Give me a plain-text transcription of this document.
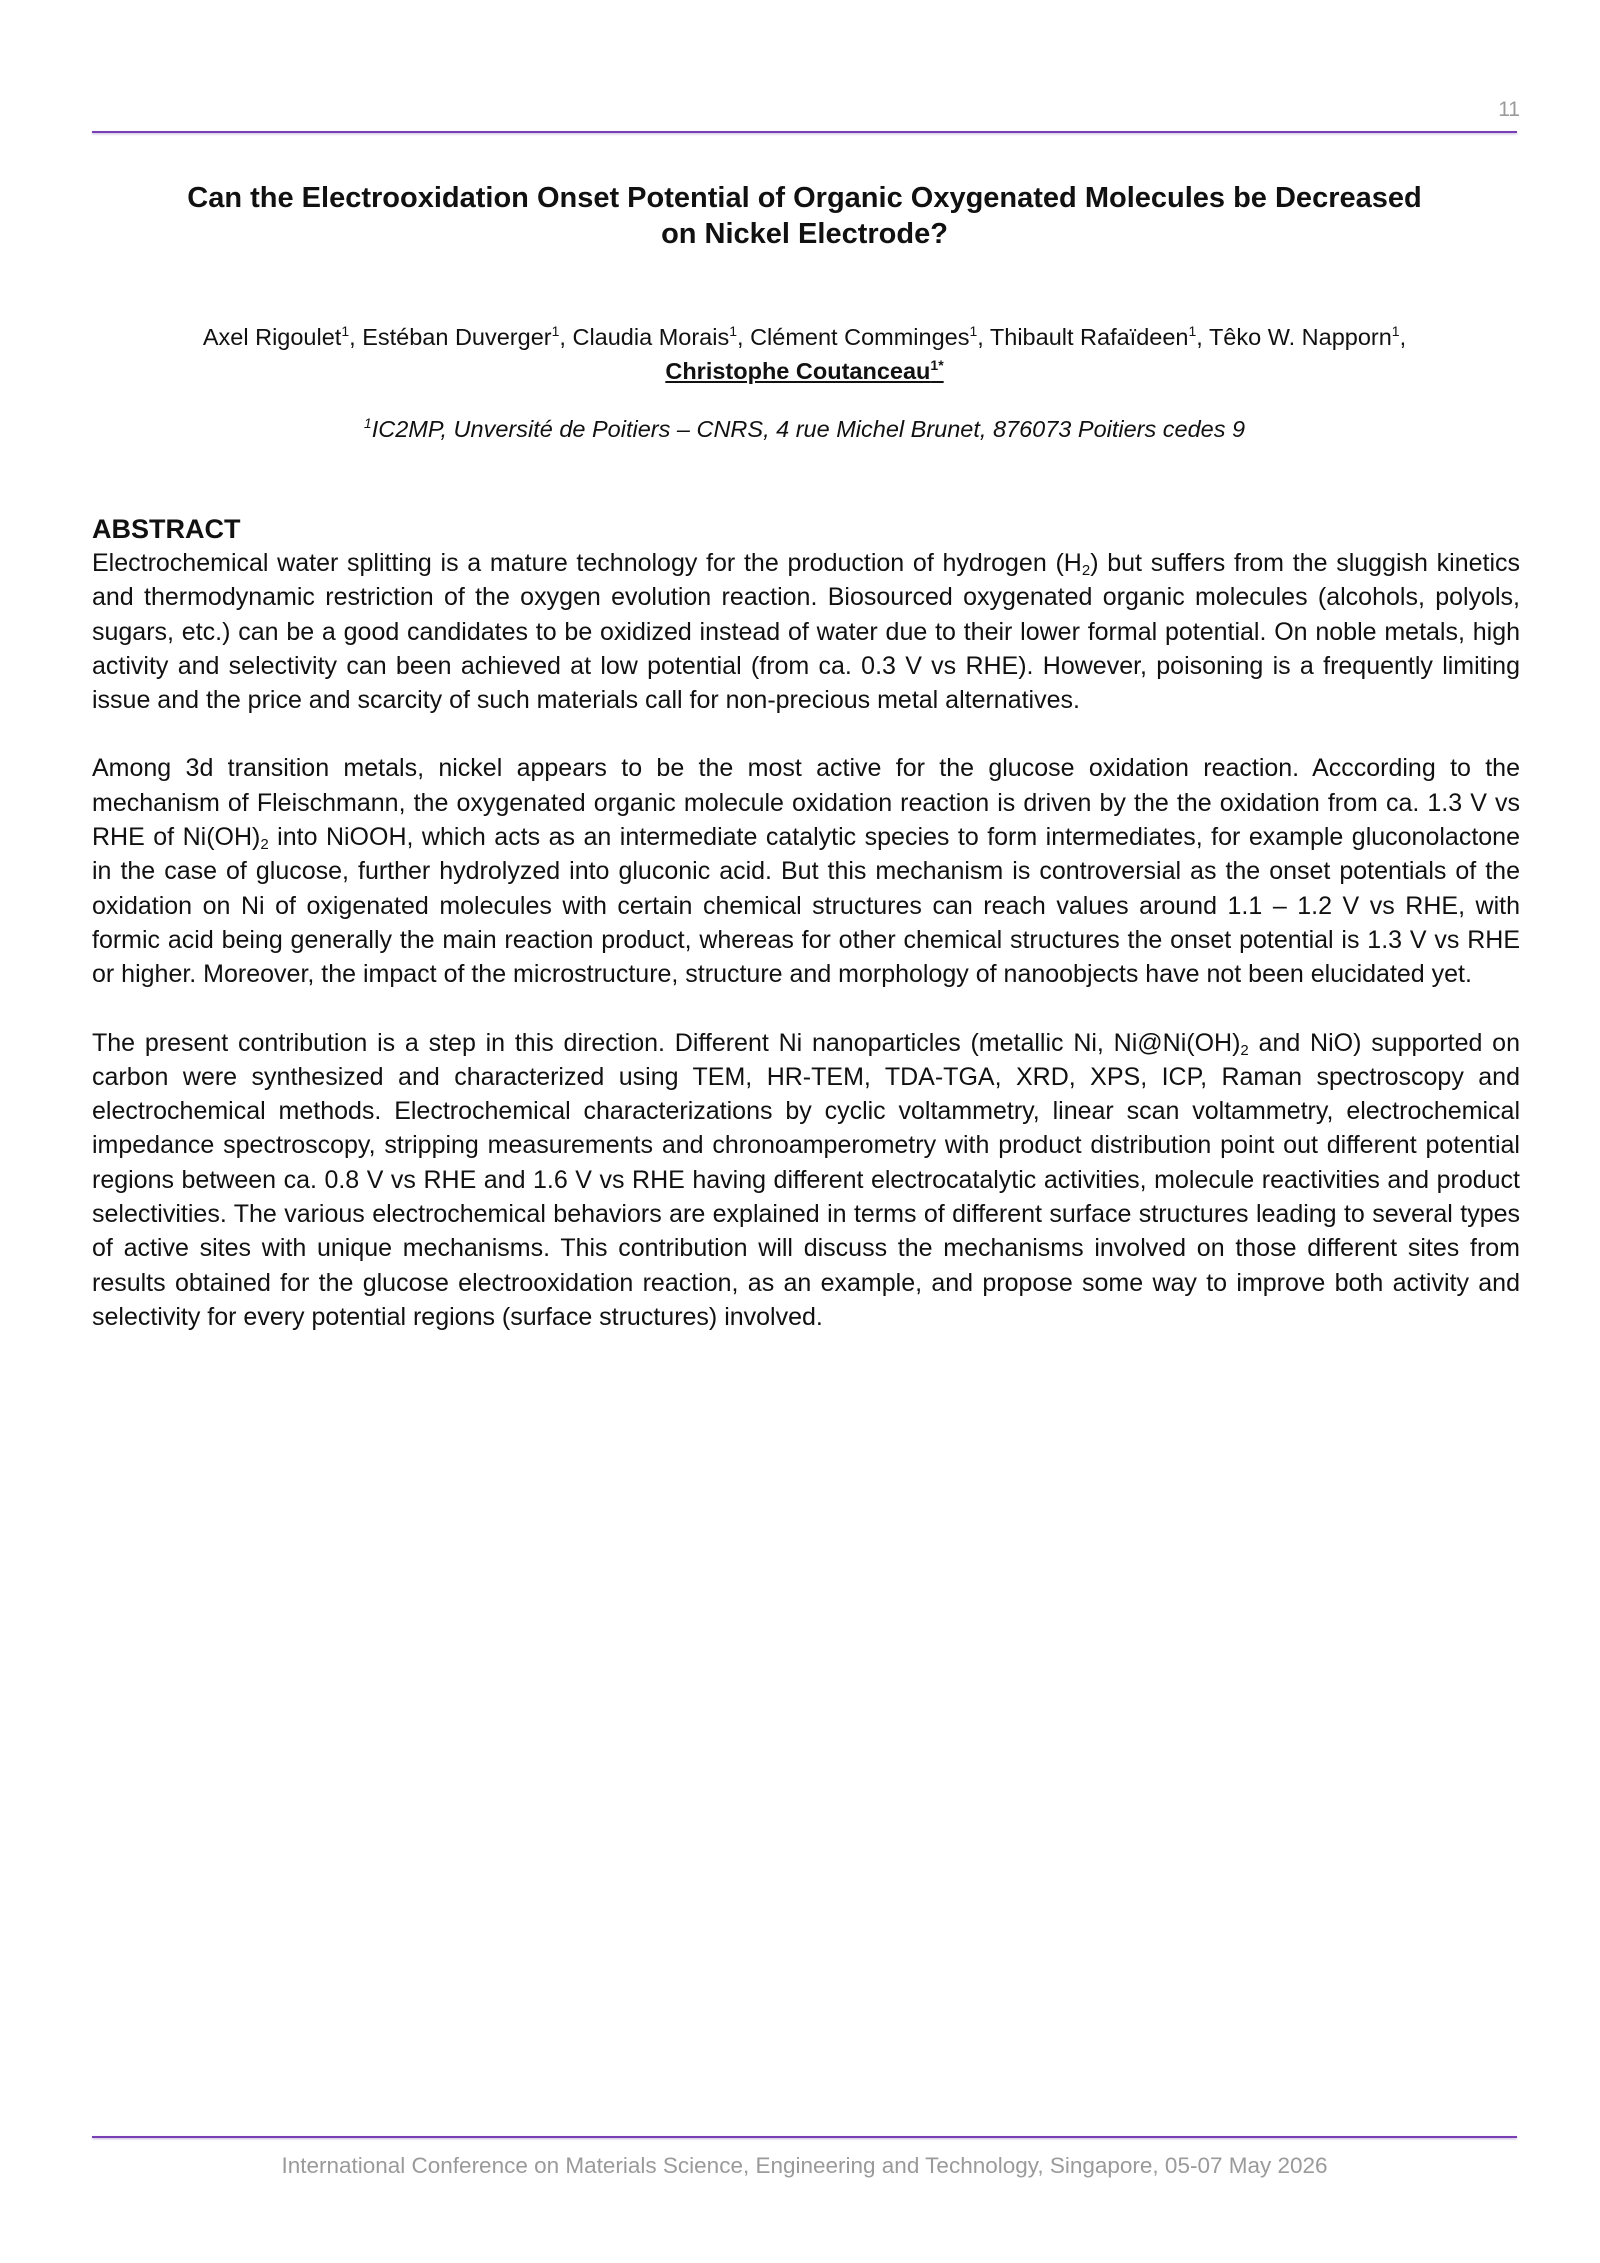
11
Can the Electrooxidation Onset Potential of Organic Oxygenated Molecules be Decreased
on Nickel Electrode?
Axel Rigoulet$^1$, Estéban Duverger$^1$, Claudia Morais$^1$, Clément Comminges$^1$, Thibault Rafaïdeen$^1$, Têko W. Napporn$^1$,
Christophe Coutanceau$^{1*}$
$^1$IC2MP, Unversité de Poitiers – CNRS, 4 rue Michel Brunet, 876073 Poitiers cedes 9
ABSTRACT

Electrochemical water splitting is a mature technology for the production of hydrogen $(H_2)$ but suffers from the sluggish kinetics and thermodynamic restriction of the oxygen evolution reaction. Biosourced oxygenated organic molecules (alcohols, polyols, sugars, etc.) can be a good candidates to be oxidized instead of water due to their lower formal potential. On noble metals, high activity and selectivity can been achieved at low potential (from ca. 0.3 V vs RHE). However, poisoning is a frequently limiting issue and the price and scarcity of such materials call for non-precious metal alternatives.

Among 3d transition metals, nickel appears to be the most active for the glucose oxidation reaction. Acccording to the mechanism of Fleischmann, the oxygenated organic molecule oxidation reaction is driven by the the oxidation from ca. 1.3 V vs RHE of $Ni(OH)_2$ into NiOOH, which acts as an intermediate catalytic species to form intermediates, for example gluconolactone in the case of glucose, further hydrolyzed into gluconic acid. But this mechanism is controversial as the onset potentials of the oxidation on Ni of oxigenated molecules with certain chemical structures can reach values around 1.1 – 1.2 V vs RHE, with formic acid being generally the main reaction product, whereas for other chemical structures the onset potential is 1.3 V vs RHE or higher. Moreover, the impact of the microstructure, structure and morphology of nanoobjects have not been elucidated yet.

The present contribution is a step in this direction. Different Ni nanoparticles (metallic Ni, $Ni@Ni(OH)_2$ and NiO) supported on carbon were synthesized and characterized using TEM, HR-TEM, TDA-TGA, XRD, XPS, ICP, Raman spectroscopy and electrochemical methods. Electrochemical characterizations by cyclic voltammetry, linear scan voltammetry, electrochemical impedance spectroscopy, stripping measurements and chronoamperometry with product distribution point out different potential regions between ca. 0.8 V vs RHE and 1.6 V vs RHE having different electrocatalytic activities, molecule reactivities and product selectivities. The various electrochemical behaviors are explained in terms of different surface structures leading to several types of active sites with unique mechanisms. This contribution will discuss the mechanisms involved on those different sites from results obtained for the glucose electrooxidation reaction, as an example, and propose some way to improve both activity and selectivity for every potential regions (surface structures) involved.

International Conference on Materials Science, Engineering and Technology, Singapore, 05-07 May 2026
